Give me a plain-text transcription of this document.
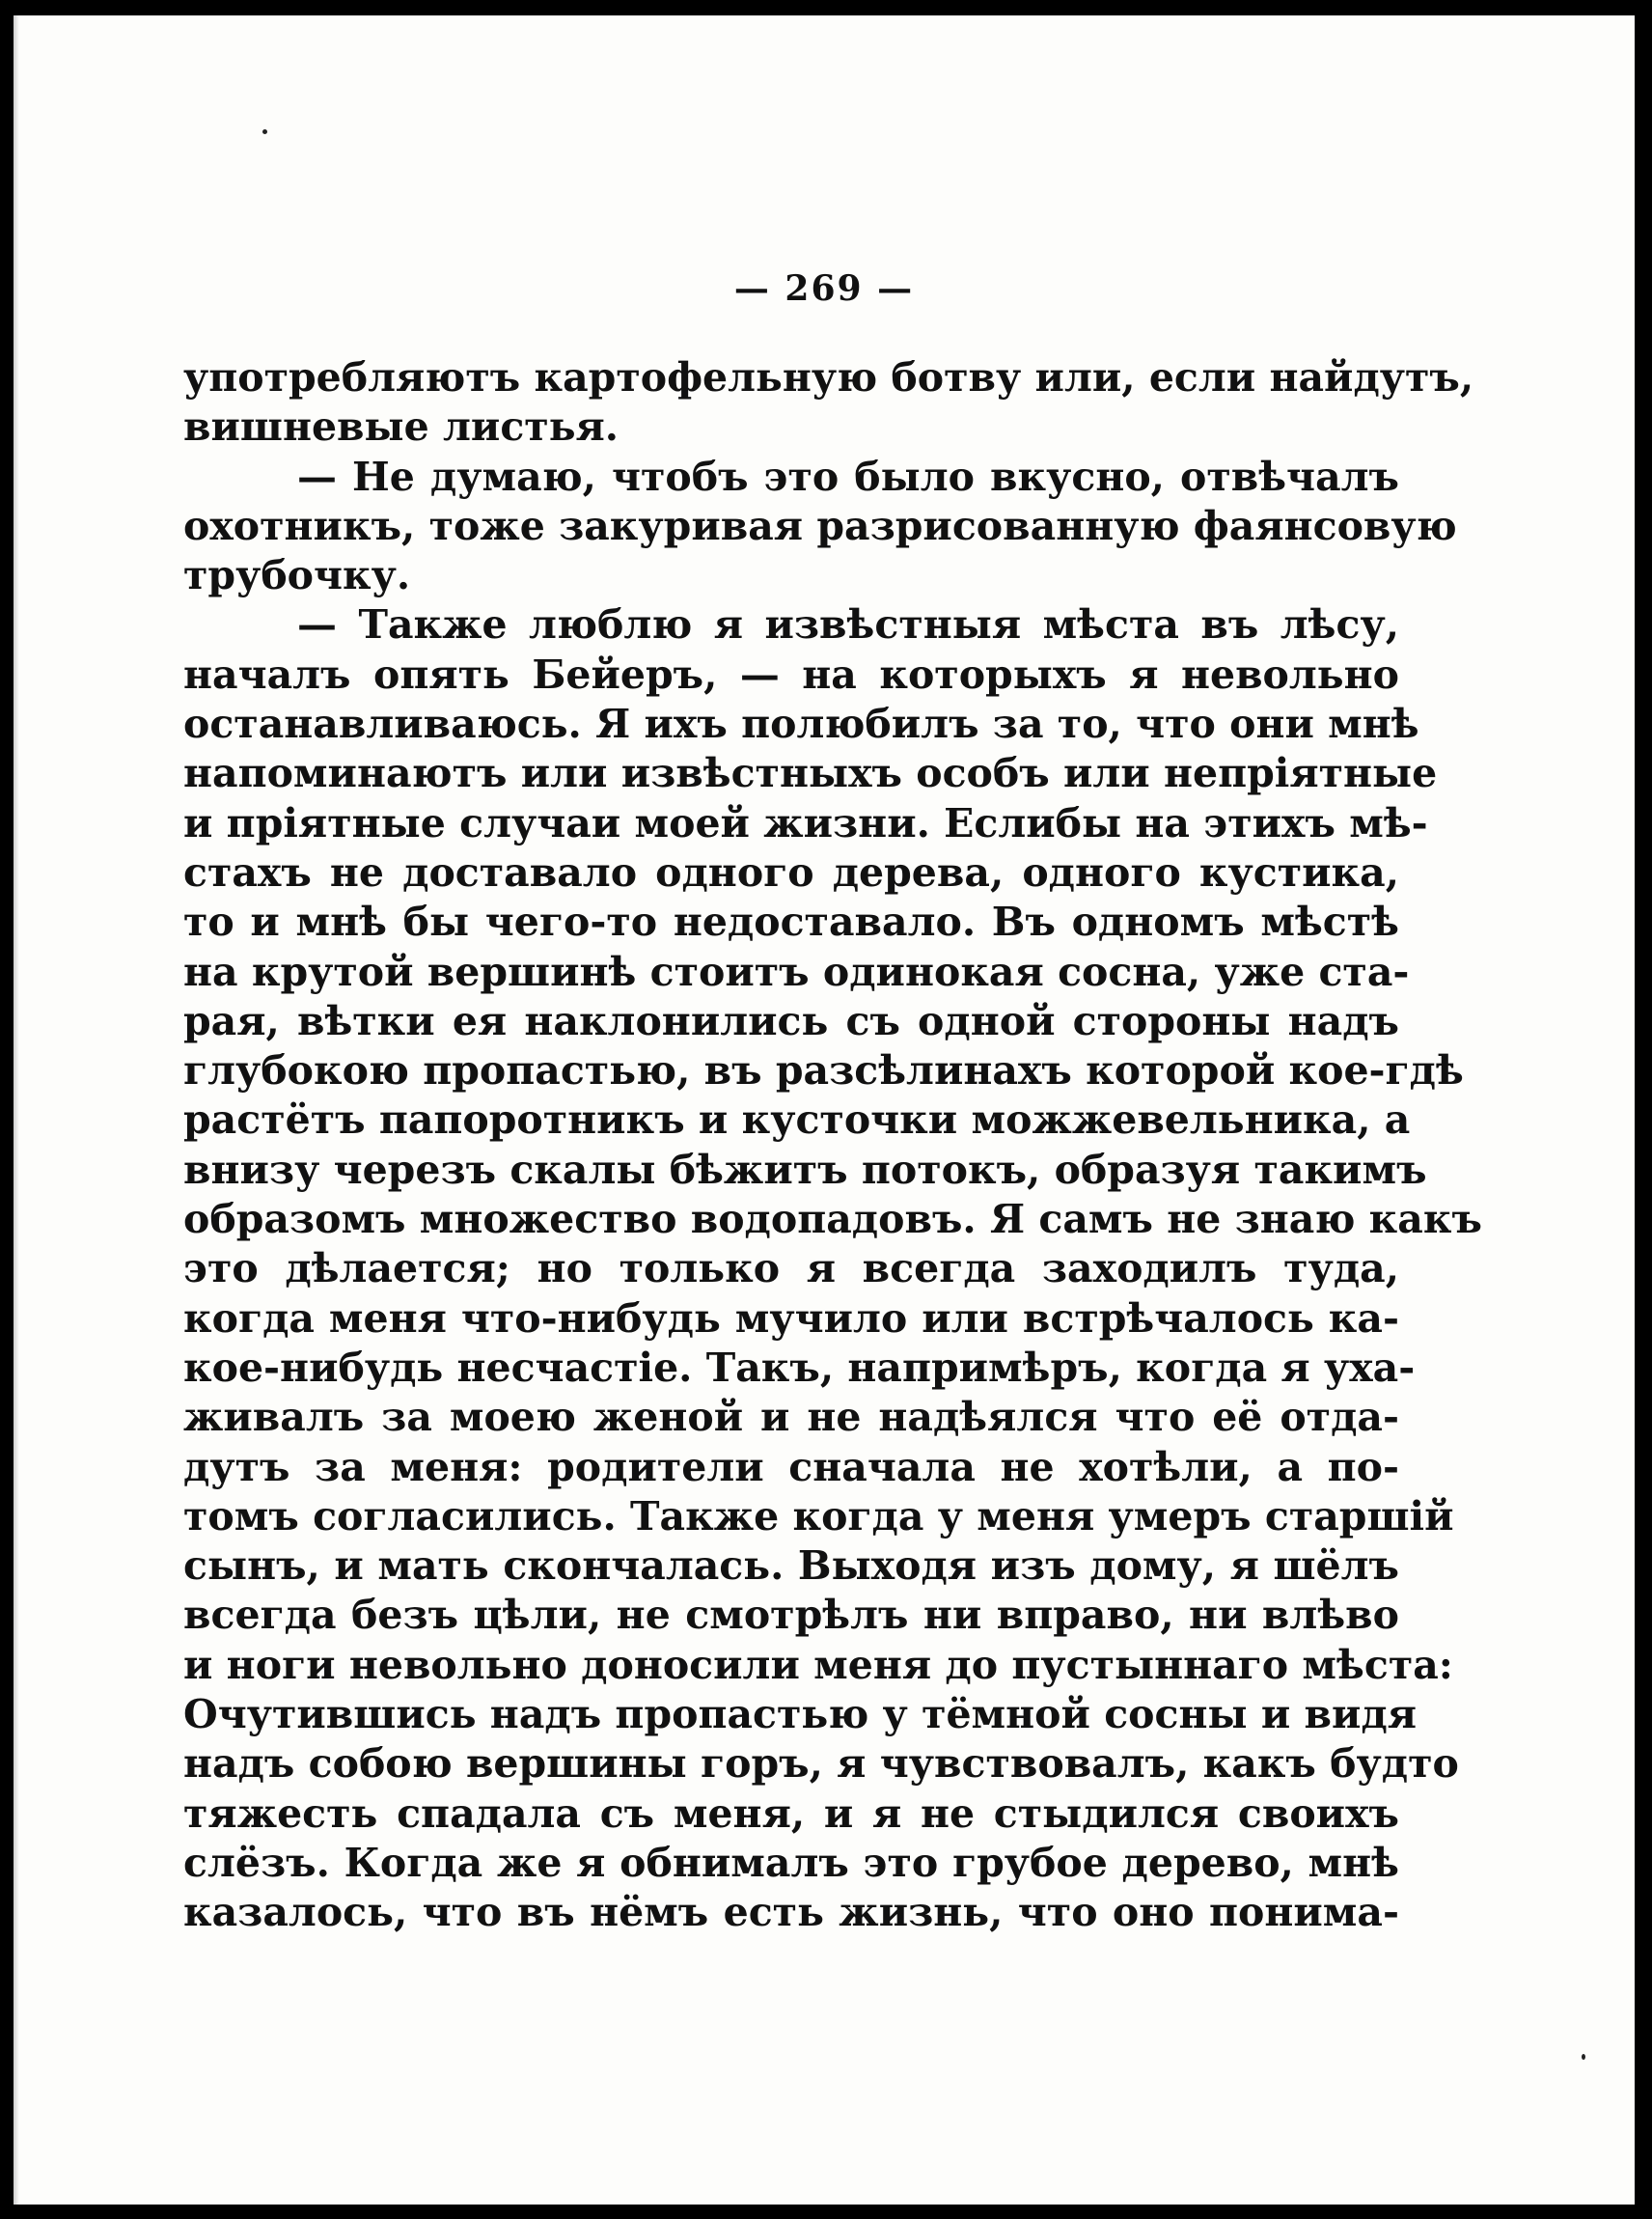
— 269 —
употребляютъ картофельную ботву или, если найдутъ,
вишневые листья.
— Не думаю, чтобъ это было вкусно, отвѣчалъ
охотникъ, тоже закуривая разрисованную фаянсовую
трубочку.
— Также люблю я извѣстныя мѣста въ лѣсу,
началъ опять Бейеръ, — на которыхъ я невольно
останавливаюсь. Я ихъ полюбилъ за то, что они мнѣ
напоминаютъ или извѣстныхъ особъ или непріятные
и пріятные случаи моей жизни. Еслибы на этихъ мѣ-
стахъ не доставало одного дерева, одного кустика,
то и мнѣ бы чего-то недоставало. Въ одномъ мѣстѣ
на крутой вершинѣ стоитъ одинокая сосна, уже ста-
рая, вѣтки ея наклонились съ одной стороны надъ
глубокою пропастью, въ разсѣлинахъ которой кое-гдѣ
растётъ папоротникъ и кусточки можжевельника, а
внизу черезъ скалы бѣжитъ потокъ, образуя такимъ
образомъ множество водопадовъ. Я самъ не знаю какъ
это дѣлается; но только я всегда заходилъ туда,
когда меня что-нибудь мучило или встрѣчалось ка-
кое-нибудь несчастіе. Такъ, напримѣръ, когда я уха-
живалъ за моею женой и не надѣялся что её отда-
дутъ за меня: родители сначала не хотѣли, а по-
томъ согласились. Также когда у меня умеръ старшій
сынъ, и мать скончалась. Выходя изъ дому, я шёлъ
всегда безъ цѣли, не смотрѣлъ ни вправо, ни влѣво
и ноги невольно доносили меня до пустыннаго мѣста:
Очутившись надъ пропастью у тёмной сосны и видя
надъ собою вершины горъ, я чувствовалъ, какъ будто
тяжесть спадала съ меня, и я не стыдился своихъ
слёзъ. Когда же я обнималъ это грубое дерево, мнѣ
казалось, что въ нёмъ есть жизнь, что оно понима-
